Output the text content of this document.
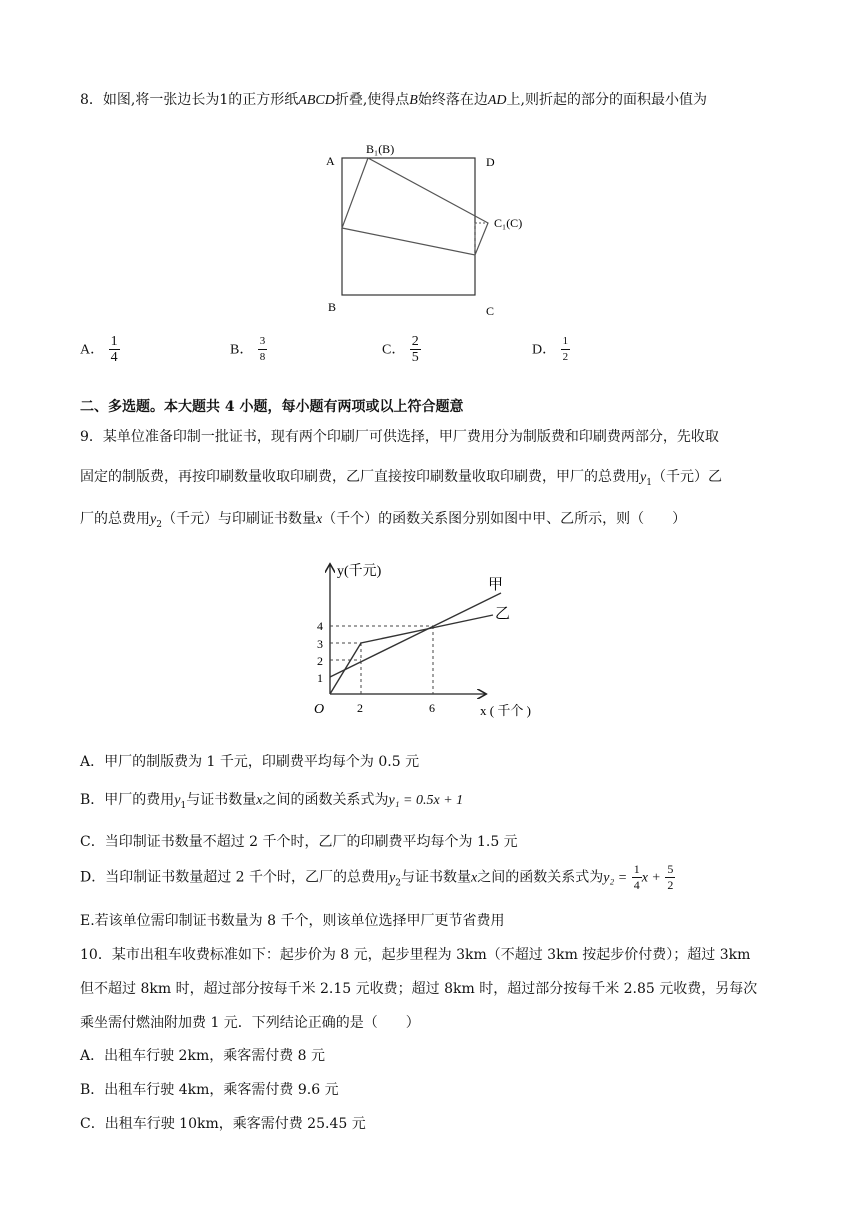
8．如图,将一张边长为1的正方形纸ABCD折叠,使得点B始终落在边AD上,则折起的部分的面积最小值为
A
B₁(B)
D
C₁(C)
B	C
A． $\frac{1}{4}$	B． $\frac{3}{8}$	C． $\frac{2}{5}$	D． $\frac{1}{2}$
二、多选题。本大题共 4 小题，每小题有两项或以上符合题意
9．某单位准备印制一批证书，现有两个印刷厂可供选择，甲厂费用分为制版费和印刷费两部分，先收取
固定的制版费，再按印刷数量收取印刷费，乙厂直接按印刷数量收取印刷费，甲厂的总费用$y_1$（千元）乙
厂的总费用$y_2$（千元）与印刷证书数量x（千个）的函数关系图分别如图中甲、乙所示，则（　　）
y(千元)
x ( 千个 )
O
甲
乙
1
2
3
4
2	6
A．甲厂的制版费为 1 千元，印刷费平均每个为 0.5 元
B．甲厂的费用$y_1$与证书数量x之间的函数关系式为y₁ = 0.5x + 1
C．当印制证书数量不超过 2 千个时，乙厂的印刷费平均每个为 1.5 元
D．当印制证书数量超过 2 千个时，乙厂的总费用$y_2$与证书数量x之间的函数关系式为$y_2 = \frac{1}{4}$ $x + \frac{5}{2}$
E.若该单位需印制证书数量为 8 千个，则该单位选择甲厂更节省费用
10．某市出租车收费标准如下：起步价为 8 元，起步里程为 3km（不超过 3km 按起步价付费）；超过 3km
但不超过 8km 时，超过部分按每千米 2.15 元收费；超过 8km 时，超过部分按每千米 2.85 元收费，另每次
乘坐需付燃油附加费 1 元．下列结论正确的是（　　）
A．出租车行驶 2km，乘客需付费 8 元
B．出租车行驶 4km，乘客需付费 9.6 元
C．出租车行驶 10km，乘客需付费 25.45 元
